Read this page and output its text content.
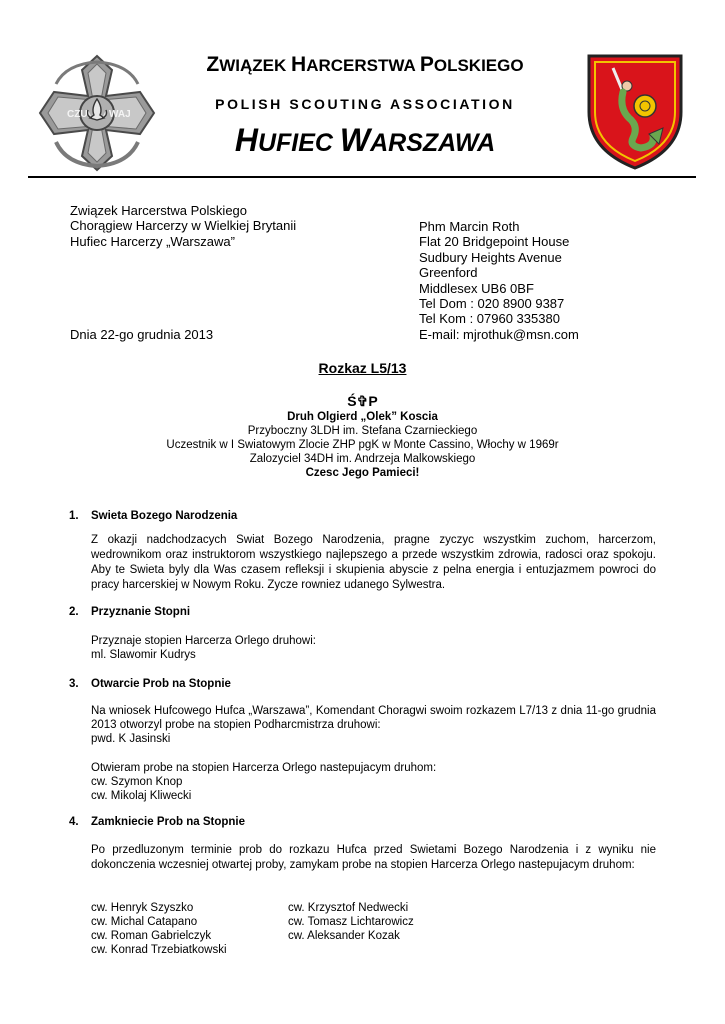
CZU WAJ
ZWIĄZEK HARCERSTWA POLSKIEGO
POLISH SCOUTING ASSOCIATION
HUFIEC WARSZAWA
Związek Harcerstwa Polskiego
Chorągiew Harcerzy w Wielkiej Brytanii
Hufiec Harcerzy „Warszawa”
Phm Marcin Roth
Flat 20 Bridgepoint House
Sudbury Heights Avenue
Greenford
Middlesex UB6 0BF
Tel Dom : 020 8900 9387
Tel Kom : 07960 335380
E-mail: mjrothuk@msn.com
Dnia 22-go grudnia 2013
Rozkaz L5/13
Ś✞P
Druh Olgierd „Olek” Koscia
Przyboczny 3LDH im. Stefana Czarnieckiego
Uczestnik w I Swiatowym Zlocie ZHP pgK w Monte Cassino, Włochy w 1969r
Zalozyciel 34DH im. Andrzeja Malkowskiego
Czesc Jego Pamieci!
1. Swieta Bozego Narodzenia
Z okazji nadchodzacych Swiat Bozego Narodzenia, pragne zyczyc wszystkim zuchom, harcerzom, wedrownikom oraz instruktorom wszystkiego najlepszego a przede wszystkim zdrowia, radosci oraz spokoju. Aby te Swieta byly dla Was czasem refleksji i skupienia abyscie z pelna energia i entuzjazmem powroci do pracy harcerskiej w Nowym Roku. Zycze rowniez udanego Sylwestra.
2. Przyznanie Stopni
Przyznaje stopien Harcerza Orlego druhowi:
ml. Slawomir Kudrys
3. Otwarcie Prob na Stopnie
Na wniosek Hufcowego Hufca „Warszawa”, Komendant Choragwi swoim rozkazem L7/13 z dnia 11-go grudnia 2013 otworzyl probe na stopien Podharcmistrza druhowi:
pwd. K Jasinski
Otwieram probe na stopien Harcerza Orlego nastepujacym druhom:
cw. Szymon Knop
cw. Mikolaj Kliwecki
4. Zamkniecie Prob na Stopnie
Po przedluzonym terminie prob do rozkazu Hufca przed Swietami Bozego Narodzenia i z wyniku nie dokonczenia wczesniej otwartej proby, zamykam probe na stopien Harcerza Orlego nastepujacym druhom:
cw. Henryk Szyszko
cw. Michal Catapano
cw. Roman Gabrielczyk
cw. Konrad Trzebiatkowski
cw. Krzysztof Nedwecki
cw. Tomasz Lichtarowicz
cw. Aleksander Kozak
